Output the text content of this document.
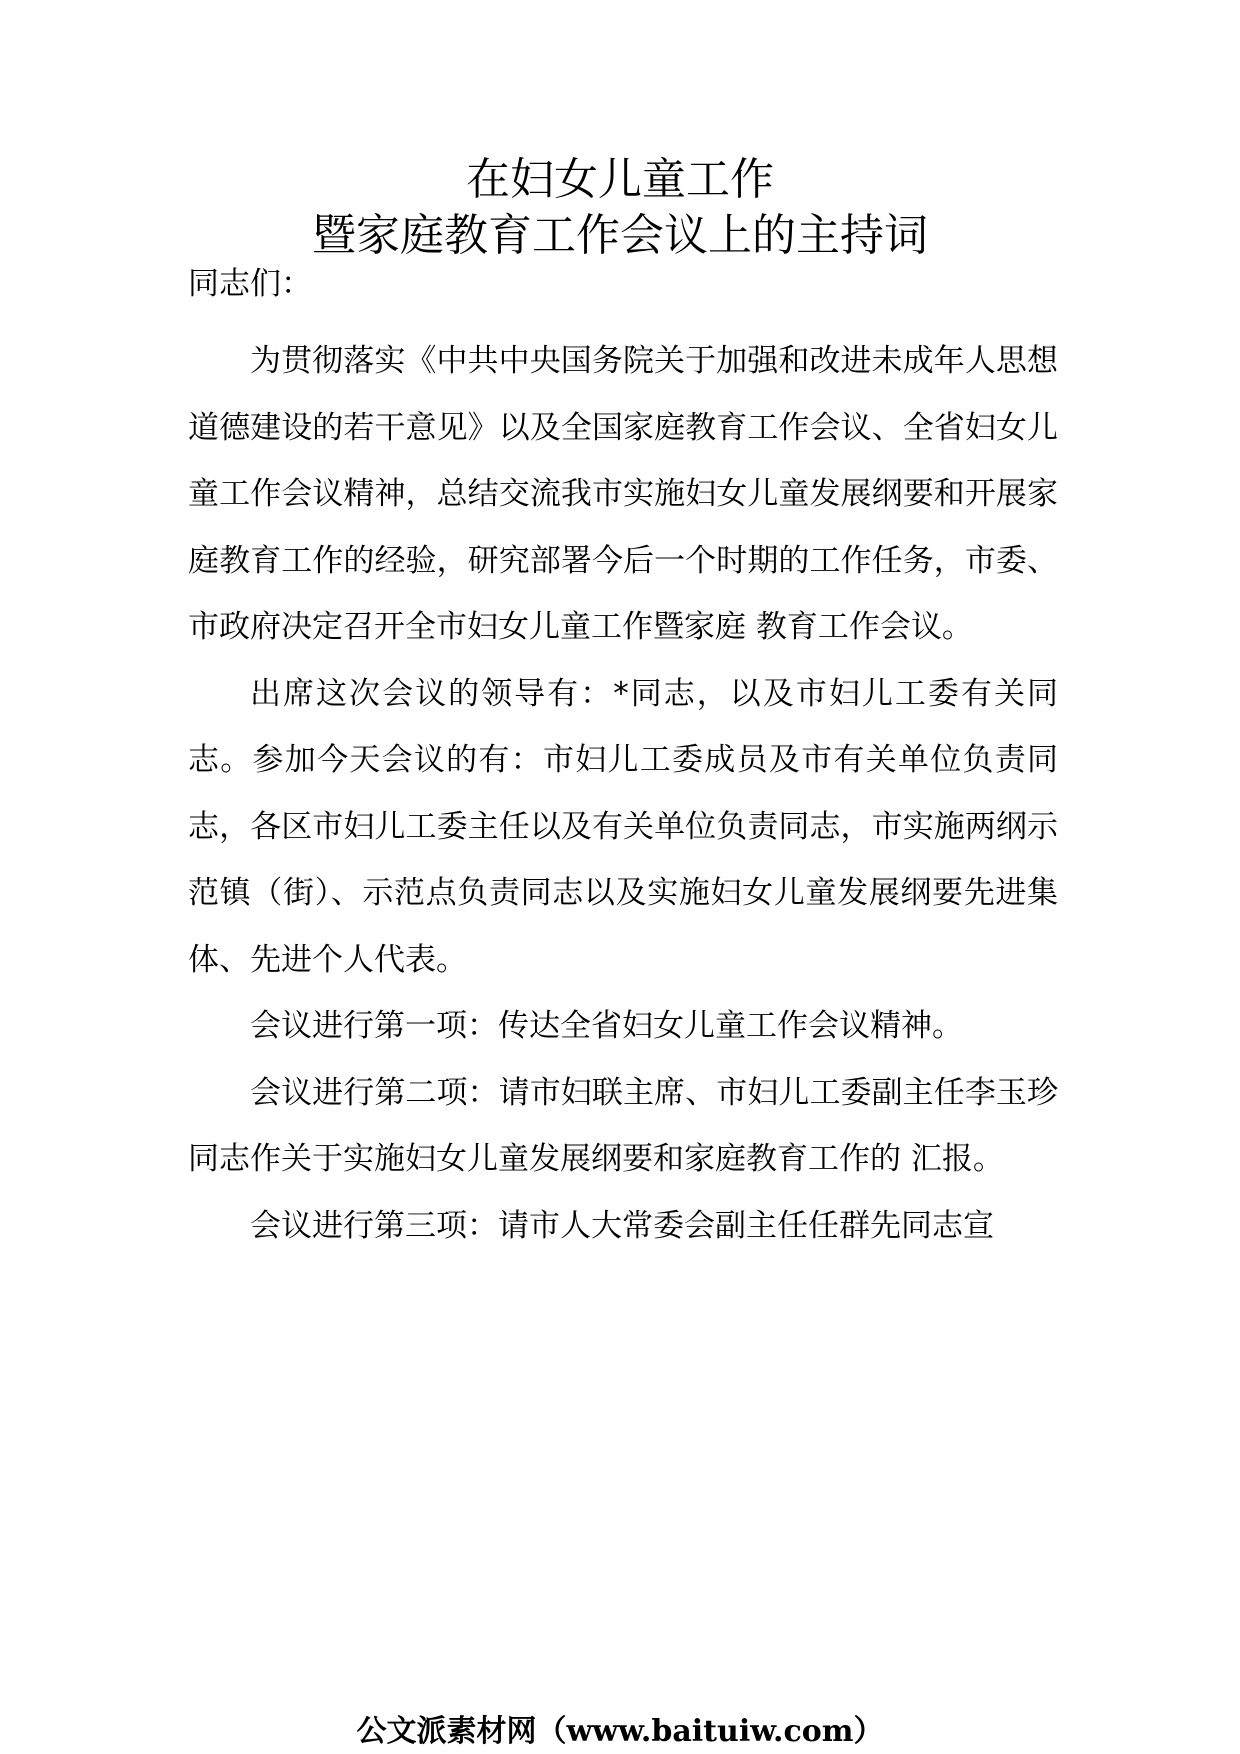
在妇女儿童工作
暨家庭教育工作会议上的主持词
同志们：

为贯彻落实《中共中央国务院关于加强和改进未成年人思想道德建设的若干意见》以及全国家庭教育工作会议、全省妇女儿童工作会议精神，总结交流我市实施妇女儿童发展纲要和开展家庭教育工作的经验，研究部署今后一个时期的工作任务，市委、市政府决定召开全市妇女儿童工作暨家庭 教育工作会议。

出席这次会议的领导有：*同志，以及市妇儿工委有关同志。参加今天会议的有：市妇儿工委成员及市有关单位负责同志，各区市妇儿工委主任以及有关单位负责同志，市实施两纲示范镇（街）、示范点负责同志以及实施妇女儿童发展纲要先进集体、先进个人代表。

会议进行第一项：传达全省妇女儿童工作会议精神。

会议进行第二项：请市妇联主席、市妇儿工委副主任李玉珍同志作关于实施妇女儿童发展纲要和家庭教育工作的 汇报。

会议进行第三项：请市人大常委会副主任任群先同志宣

公文派素材网（www.baituiw.com）
